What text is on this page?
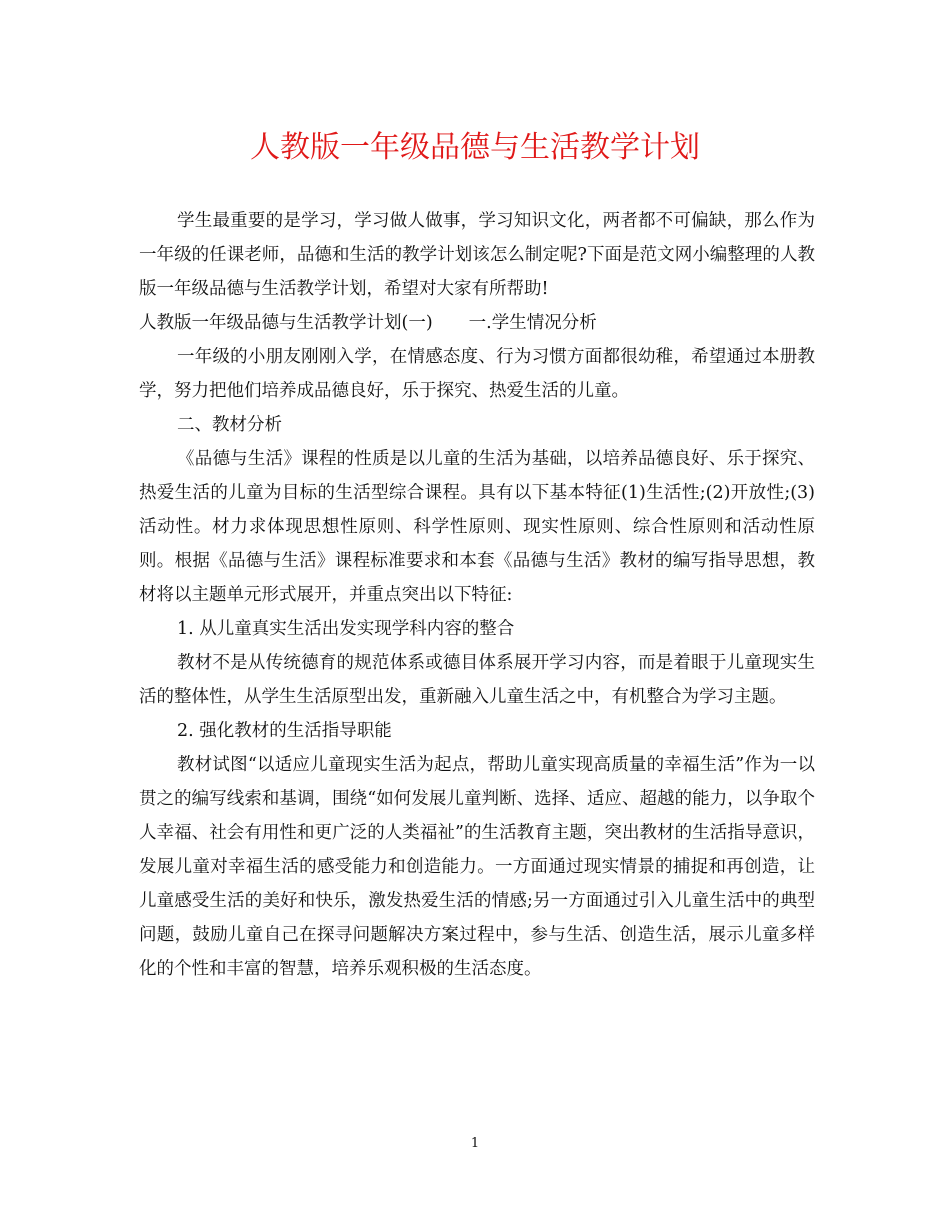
人教版一年级品德与生活教学计划

学生最重要的是学习，学习做人做事，学习知识文化，两者都不可偏缺，那么作为一年级的任课老师，品德和生活的教学计划该怎么制定呢?下面是范文网小编整理的人教版一年级品德与生活教学计划，希望对大家有所帮助!

人教版一年级品德与生活教学计划(一) 一.学生情况分析

一年级的小朋友刚刚入学，在情感态度、行为习惯方面都很幼稚，希望通过本册教学，努力把他们培养成品德良好，乐于探究、热爱生活的儿童。

二、教材分析

《品德与生活》课程的性质是以儿童的生活为基础，以培养品德良好、乐于探究、热爱生活的儿童为目标的生活型综合课程。具有以下基本特征(1)生活性;(2)开放性;(3)活动性。材力求体现思想性原则、科学性原则、现实性原则、综合性原则和活动性原则。根据《品德与生活》课程标准要求和本套《品德与生活》教材的编写指导思想，教材将以主题单元形式展开，并重点突出以下特征:

1. 从儿童真实生活出发实现学科内容的整合

教材不是从传统德育的规范体系或德目体系展开学习内容，而是着眼于儿童现实生活的整体性，从学生生活原型出发，重新融入儿童生活之中，有机整合为学习主题。

2. 强化教材的生活指导职能

教材试图“以适应儿童现实生活为起点，帮助儿童实现高质量的幸福生活”作为一以贯之的编写线索和基调，围绕“如何发展儿童判断、选择、适应、超越的能力，以争取个人幸福、社会有用性和更广泛的人类福祉”的生活教育主题，突出教材的生活指导意识，发展儿童对幸福生活的感受能力和创造能力。一方面通过现实情景的捕捉和再创造，让儿童感受生活的美好和快乐，激发热爱生活的情感;另一方面通过引入儿童生活中的典型问题，鼓励儿童自己在探寻问题解决方案过程中，参与生活、创造生活，展示儿童多样化的个性和丰富的智慧，培养乐观积极的生活态度。

1
